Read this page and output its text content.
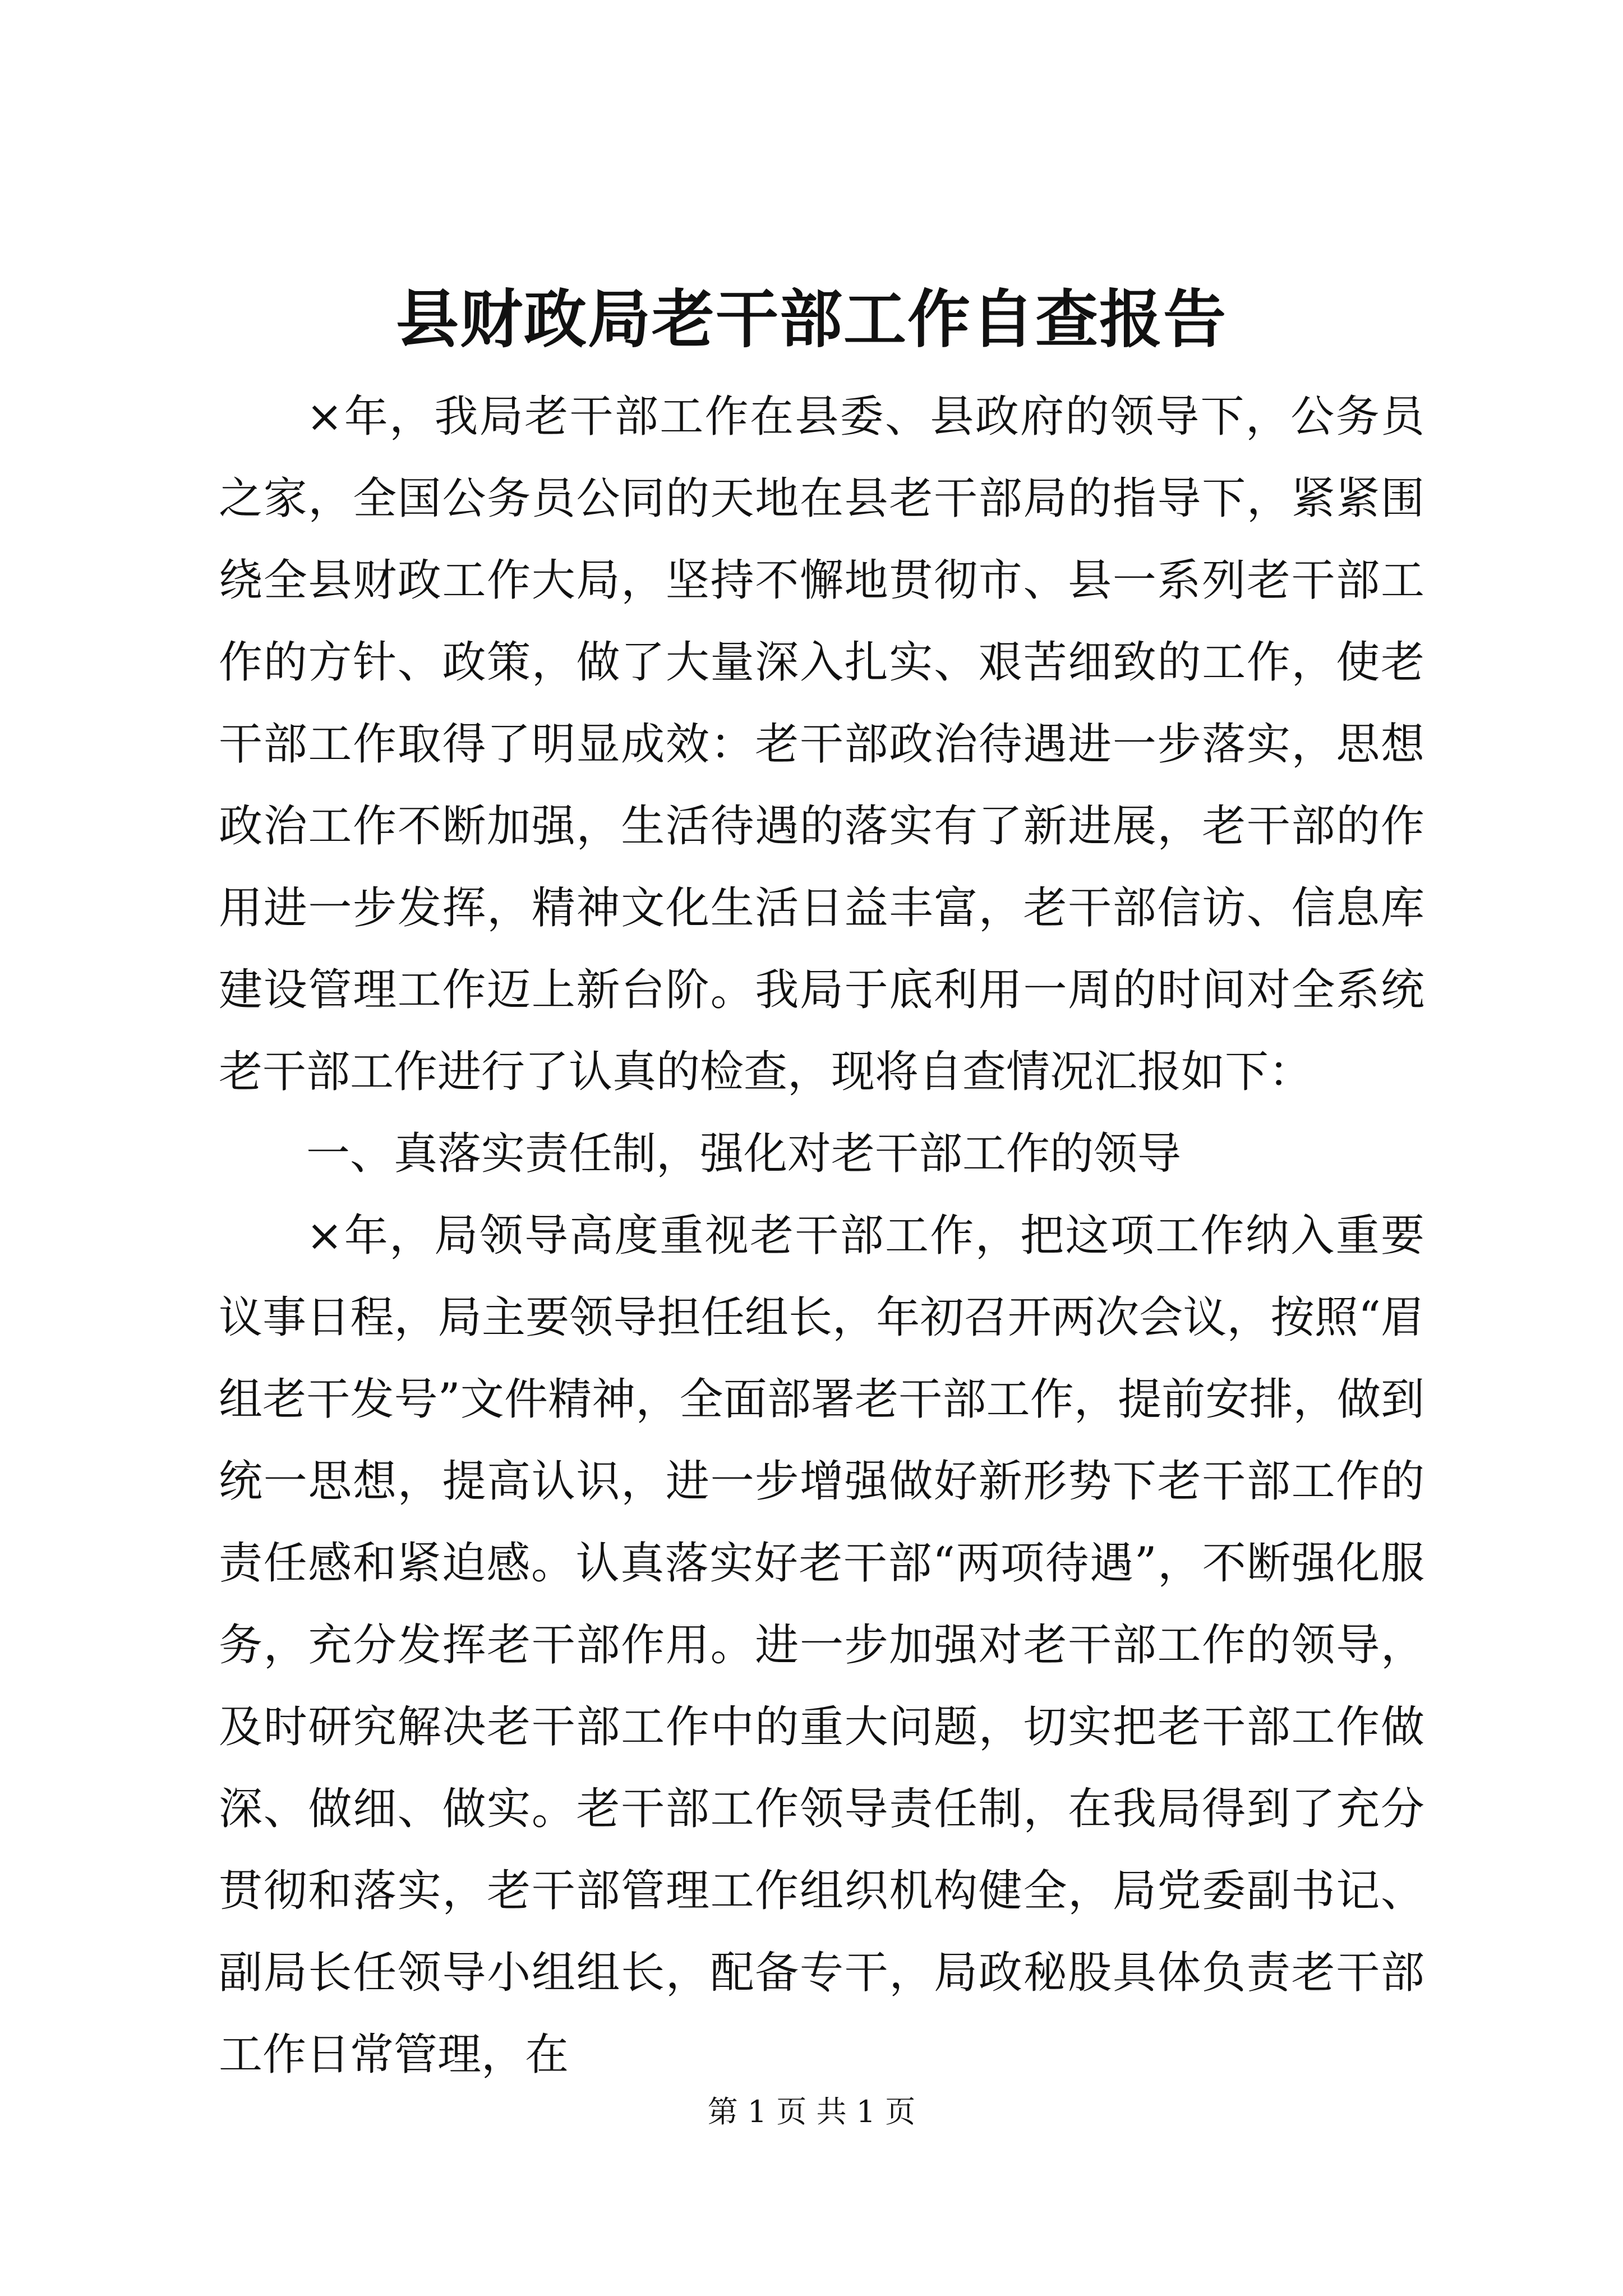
县财政局老干部工作自查报告

×年，我局老干部工作在县委、县政府的领导下，公务员之家，全国公务员公同的天地在县老干部局的指导下，紧紧围绕全县财政工作大局，坚持不懈地贯彻市、县一系列老干部工作的方针、政策，做了大量深入扎实、艰苦细致的工作，使老干部工作取得了明显成效：老干部政治待遇进一步落实，思想政治工作不断加强，生活待遇的落实有了新进展，老干部的作用进一步发挥，精神文化生活日益丰富，老干部信访、信息库建设管理工作迈上新台阶。我局于底利用一周的时间对全系统老干部工作进行了认真的检查，现将自查情况汇报如下：

一、真落实责任制，强化对老干部工作的领导

×年，局领导高度重视老干部工作，把这项工作纳入重要议事日程，局主要领导担任组长，年初召开两次会议，按照“眉组老干发号”文件精神，全面部署老干部工作，提前安排，做到统一思想，提高认识，进一步增强做好新形势下老干部工作的责任感和紧迫感。认真落实好老干部“两项待遇”，不断强化服务，充分发挥老干部作用。进一步加强对老干部工作的领导，及时研究解决老干部工作中的重大问题，切实把老干部工作做深、做细、做实。老干部工作领导责任制，在我局得到了充分贯彻和落实，老干部管理工作组织机构健全，局党委副书记、副局长任领导小组组长，配备专干，局政秘股具体负责老干部工作日常管理，在

第 1 页 共 1 页
